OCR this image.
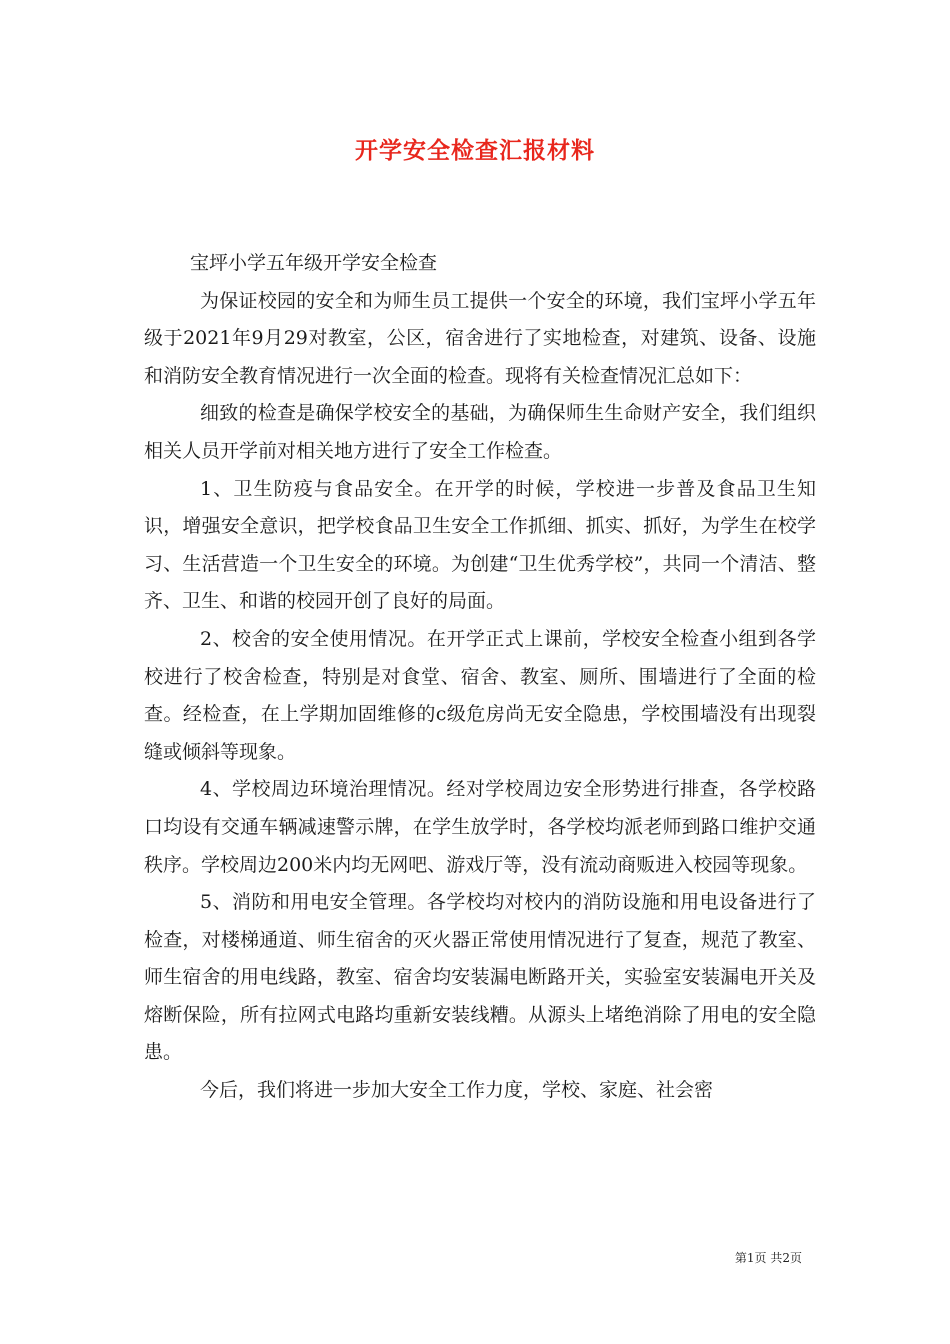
开学安全检查汇报材料

宝坪小学五年级开学安全检查

为保证校园的安全和为师生员工提供一个安全的环境，我们宝坪小学五年级于2021年9月29对教室，公区，宿舍进行了实地检查，对建筑、设备、设施和消防安全教育情况进行一次全面的检查。现将有关检查情况汇总如下：

细致的检查是确保学校安全的基础，为确保师生生命财产安全，我们组织相关人员开学前对相关地方进行了安全工作检查。

1、卫生防疫与食品安全。在开学的时候，学校进一步普及食品卫生知识，增强安全意识，把学校食品卫生安全工作抓细、抓实、抓好，为学生在校学习、生活营造一个卫生安全的环境。为创建“卫生优秀学校”，共同一个清洁、整齐、卫生、和谐的校园开创了良好的局面。

2、校舍的安全使用情况。在开学正式上课前，学校安全检查小组到各学校进行了校舍检查，特别是对食堂、宿舍、教室、厕所、围墙进行了全面的检查。经检查，在上学期加固维修的c级危房尚无安全隐患，学校围墙没有出现裂缝或倾斜等现象。

4、学校周边环境治理情况。经对学校周边安全形势进行排查，各学校路口均设有交通车辆减速警示牌，在学生放学时，各学校均派老师到路口维护交通秩序。学校周边200米内均无网吧、游戏厅等，没有流动商贩进入校园等现象。

5、消防和用电安全管理。各学校均对校内的消防设施和用电设备进行了检查，对楼梯通道、师生宿舍的灭火器正常使用情况进行了复查，规范了教室、师生宿舍的用电线路，教室、宿舍均安装漏电断路开关，实验室安装漏电开关及熔断保险，所有拉网式电路均重新安装线糟。从源头上堵绝消除了用电的安全隐患。

今后，我们将进一步加大安全工作力度，学校、家庭、社会密

第1页 共2页
